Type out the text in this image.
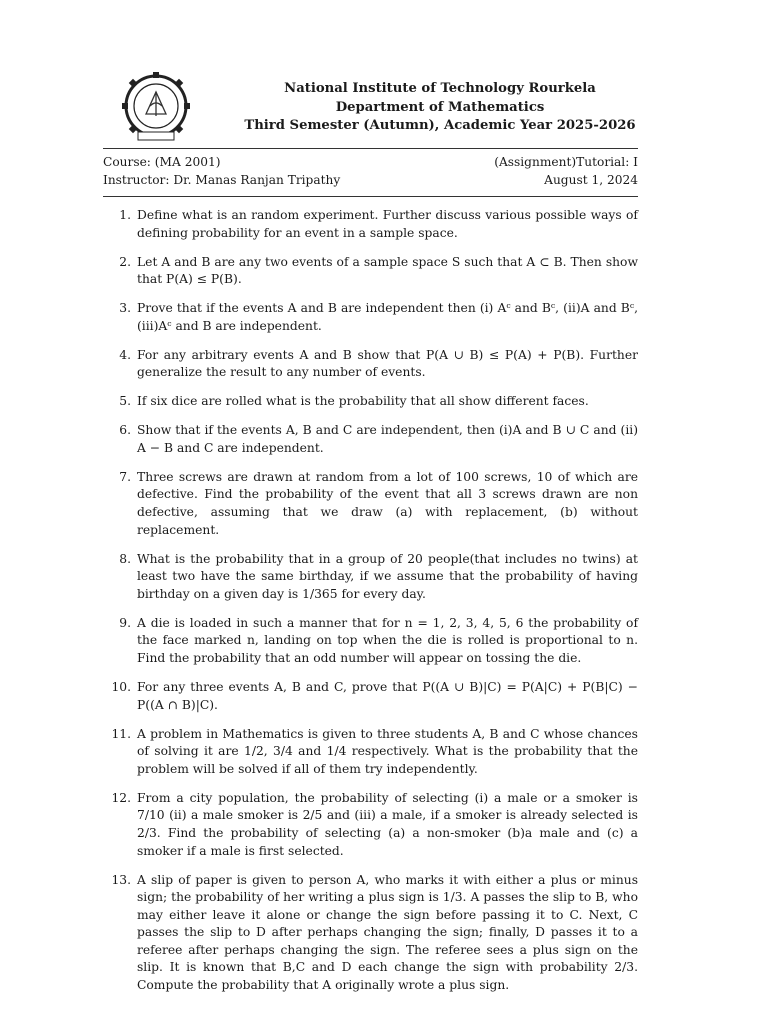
National Institute of Technology Rourkela
Department of Mathematics
Third Semester (Autumn), Academic Year 2025-2026
Course: (MA 2001)	(Assignment)Tutorial: I
Instructor: Dr. Manas Ranjan Tripathy	August 1, 2024
1. Define what is an random experiment. Further discuss various possible ways of defining probability for an event in a sample space.
2. Let A and B are any two events of a sample space S such that A ⊂ B. Then show that P(A) ≤ P(B).
3. Prove that if the events A and B are independent then (i) Aᶜ and Bᶜ, (ii)A and Bᶜ,(iii)Aᶜ and B are independent.
4. For any arbitrary events A and B show that P(A ∪ B) ≤ P(A) + P(B). Further generalize the result to any number of events.
5. If six dice are rolled what is the probability that all show different faces.
6. Show that if the events A, B and C are independent, then (i)A and B ∪ C and (ii) A − B and C are independent.
7. Three screws are drawn at random from a lot of 100 screws, 10 of which are defective. Find the probability of the event that all 3 screws drawn are non defective, assuming that we draw (a) with replacement, (b) without replacement.
8. What is the probability that in a group of 20 people(that includes no twins) at least two have the same birthday, if we assume that the probability of having birthday on a given day is 1/365 for every day.
9. A die is loaded in such a manner that for n = 1, 2, 3, 4, 5, 6 the probability of the face marked n, landing on top when the die is rolled is proportional to n. Find the probability that an odd number will appear on tossing the die.
10. For any three events A, B and C, prove that P((A ∪ B)|C) = P(A|C) + P(B|C) − P((A ∩ B)|C).
11. A problem in Mathematics is given to three students A, B and C whose chances of solving it are 1/2, 3/4 and 1/4 respectively. What is the probability that the problem will be solved if all of them try independently.
12. From a city population, the probability of selecting (i) a male or a smoker is 7/10 (ii) a male smoker is 2/5 and (iii) a male, if a smoker is already selected is 2/3. Find the probability of selecting (a) a non-smoker (b)a male and (c) a smoker if a male is first selected.
13. A slip of paper is given to person A, who marks it with either a plus or minus sign; the probability of her writing a plus sign is 1/3. A passes the slip to B, who may either leave it alone or change the sign before passing it to C. Next, C passes the slip to D after perhaps changing the sign; finally, D passes it to a referee after perhaps changing the sign. The referee sees a plus sign on the slip. It is known that B,C and D each change the sign with probability 2/3. Compute the probability that A originally wrote a plus sign.
